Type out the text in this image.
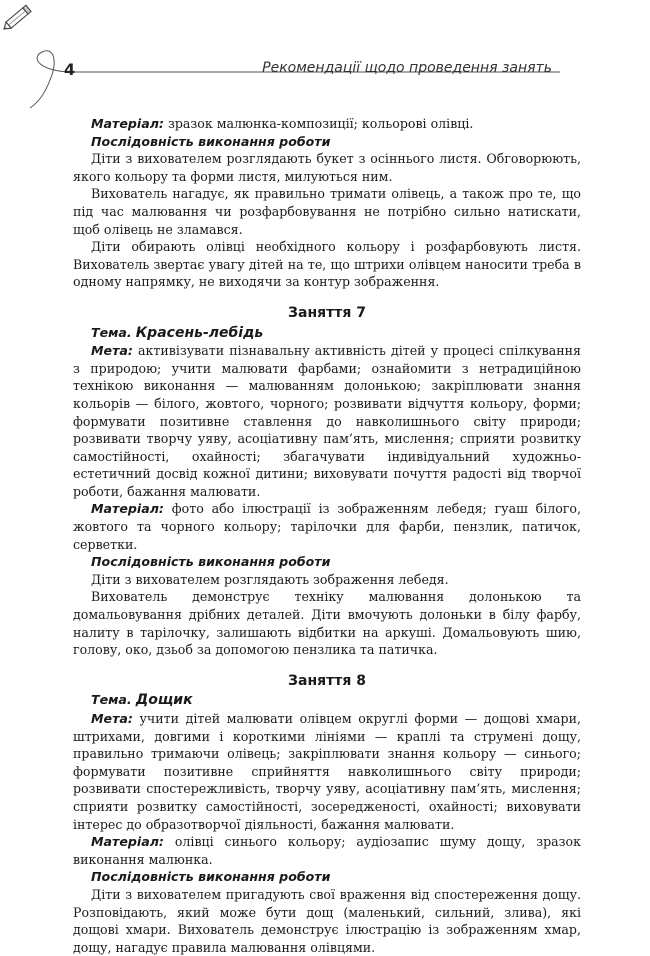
4	Рекомендації щодо проведення занять

Матеріал: зразок малюнка-композиції; кольорові олівці.

Послідовність виконання роботи

Діти з вихователем розглядають букет з осіннього листя. Обговорюють, якого кольору та форми листя, милуються ним.

Вихователь нагадує, як правильно тримати олівець, а також про те, що під час малювання чи розфарбовування не потрібно сильно натискати, щоб олівець не зламався.

Діти обирають олівці необхідного кольору і розфарбовують листя. Вихователь звертає увагу дітей на те, що штрихи олівцем наносити треба в одному напрямку, не виходячи за контур зображення.

Заняття 7

Тема. Красень-лебідь

Мета: активізувати пізнавальну активність дітей у процесі спілкування з природою; учити малювати фарбами; ознайомити з нетрадиційною технікою виконання — малюванням долонькою; закріплювати знання кольорів — білого, жовтого, чорного; розвивати відчуття кольору, форми; формувати позитивне ставлення до навколишнього світу природи; розвивати творчу уяву, асоціативну пам’ять, мислення; сприяти розвитку самостійності, охайності; збагачувати індивідуальний художньо-естетичний досвід кожної дитини; виховувати почуття радості від творчої роботи, бажання малювати.

Матеріал: фото або ілюстрації із зображенням лебедя; гуаш білого, жовтого та чорного кольору; тарілочки для фарби, пензлик, патичок, серветки.

Послідовність виконання роботи

Діти з вихователем розглядають зображення лебедя.

Вихователь демонструє техніку малювання долонькою та домальовування дрібних деталей. Діти вмочують долоньки в білу фарбу, налиту в тарілочку, залишають відбитки на аркуші. Домальовують шию, голову, око, дзьоб за допомогою пензлика та патичка.

Заняття 8

Тема. Дощик

Мета: учити дітей малювати олівцем округлі форми — дощові хмари, штрихами, довгими і короткими лініями — краплі та струмені дощу, правильно тримаючи олівець; закріплювати знання кольору — синього; формувати позитивне сприйняття навколишнього світу природи; розвивати спостережливість, творчу уяву, асоціативну пам’ять, мислення; сприяти розвитку самостійності, зосередженості, охайності; виховувати інтерес до образотворчої діяльності, бажання малювати.

Матеріал: олівці синього кольору; аудіозапис шуму дощу, зразок виконання малюнка.

Послідовність виконання роботи

Діти з вихователем пригадують свої враження від спостереження дощу. Розповідають, який може бути дощ (маленький, сильний, злива), які дощові хмари. Вихователь демонструє ілюстрацію із зображенням хмар, дощу, нагадує правила малювання олівцями.
